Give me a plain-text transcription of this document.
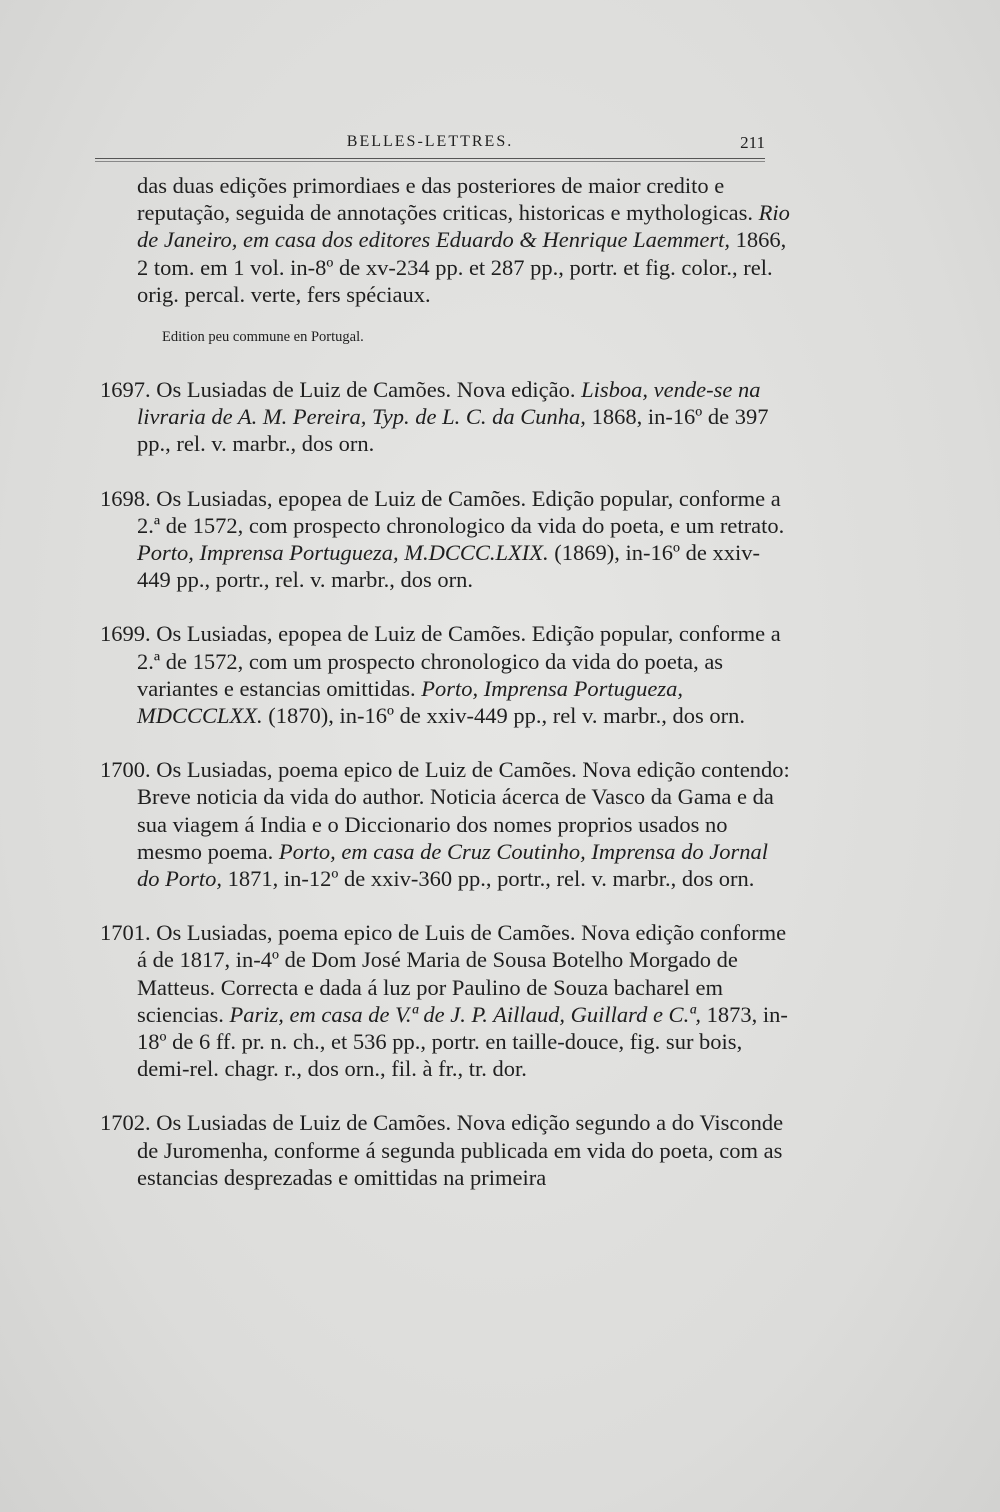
BELLES-LETTRES.	211

das duas edições primordiaes e das posteriores de maior credito e reputação, seguida de annotações criticas, historicas e mythologicas. Rio de Janeiro, em casa dos editores Eduardo & Henrique Laemmert, 1866, 2 tom. em 1 vol. in-8º de xv-234 pp. et 287 pp., portr. et fig. color., rel. orig. percal. verte, fers spéciaux.

Edition peu commune en Portugal.

1697. Os Lusiadas de Luiz de Camões. Nova edição. Lisboa, vende-se na livraria de A. M. Pereira, Typ. de L. C. da Cunha, 1868, in-16º de 397 pp., rel. v. marbr., dos orn.

1698. Os Lusiadas, epopea de Luiz de Camões. Edição popular, conforme a 2.ª de 1572, com prospecto chronologico da vida do poeta, e um retrato. Porto, Imprensa Portugueza, M.DCCC.LXIX. (1869), in-16º de xxiv-449 pp., portr., rel. v. marbr., dos orn.

1699. Os Lusiadas, epopea de Luiz de Camões. Edição popular, conforme a 2.ª de 1572, com um prospecto chronologico da vida do poeta, as variantes e estancias omittidas. Porto, Imprensa Portugueza, MDCCCLXX. (1870), in-16º de xxiv-449 pp., rel v. marbr., dos orn.

1700. Os Lusiadas, poema epico de Luiz de Camões. Nova edição contendo: Breve noticia da vida do author. Noticia ácerca de Vasco da Gama e da sua viagem á India e o Diccionario dos nomes proprios usados no mesmo poema. Porto, em casa de Cruz Coutinho, Imprensa do Jornal do Porto, 1871, in-12º de xxiv-360 pp., portr., rel. v. marbr., dos orn.

1701. Os Lusiadas, poema epico de Luis de Camões. Nova edição conforme á de 1817, in-4º de Dom José Maria de Sousa Botelho Morgado de Matteus. Correcta e dada á luz por Paulino de Souza bacharel em sciencias. Pariz, em casa de V.ª de J. P. Aillaud, Guillard e C.ª, 1873, in-18º de 6 ff. pr. n. ch., et 536 pp., portr. en taille-douce, fig. sur bois, demi-rel. chagr. r., dos orn., fil. à fr., tr. dor.

1702. Os Lusiadas de Luiz de Camões. Nova edição segundo a do Visconde de Juromenha, conforme á segunda publicada em vida do poeta, com as estancias desprezadas e omittidas na primeira
